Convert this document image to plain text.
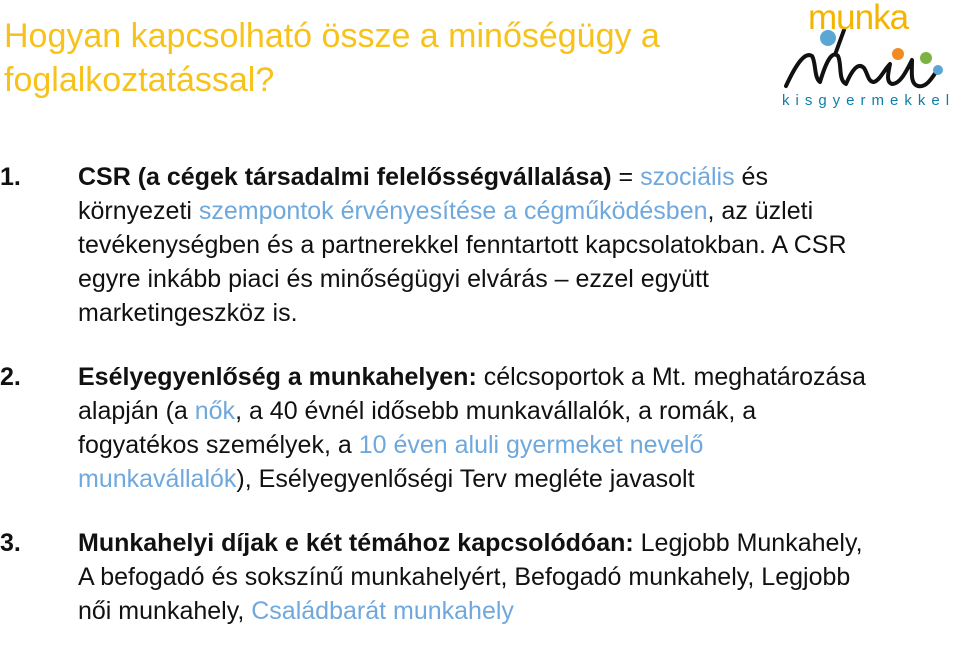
Hogyan kapcsolható össze a minőségügy a foglalkoztatással?
munka
kisgyermekkel
1. CSR (a cégek társadalmi felelősségvállalása) = szociális és környezeti szempontok érvényesítése a cégműködésben, az üzleti tevékenységben és a partnerekkel fenntartott kapcsolatokban. A CSR egyre inkább piaci és minőségügyi elvárás – ezzel együtt marketingeszköz is.
2. Esélyegyenlőség a munkahelyen: célcsoportok a Mt. meghatározása alapján (a nők, a 40 évnél idősebb munkavállalók, a romák, a fogyatékos személyek, a 10 éven aluli gyermeket nevelő munkavállalók), Esélyegyenlőségi Terv megléte javasolt
3. Munkahelyi díjak e két témához kapcsolódóan: Legjobb Munkahely, A befogadó és sokszínű munkahelyért, Befogadó munkahely, Legjobb női munkahely, Családbarát munkahely
